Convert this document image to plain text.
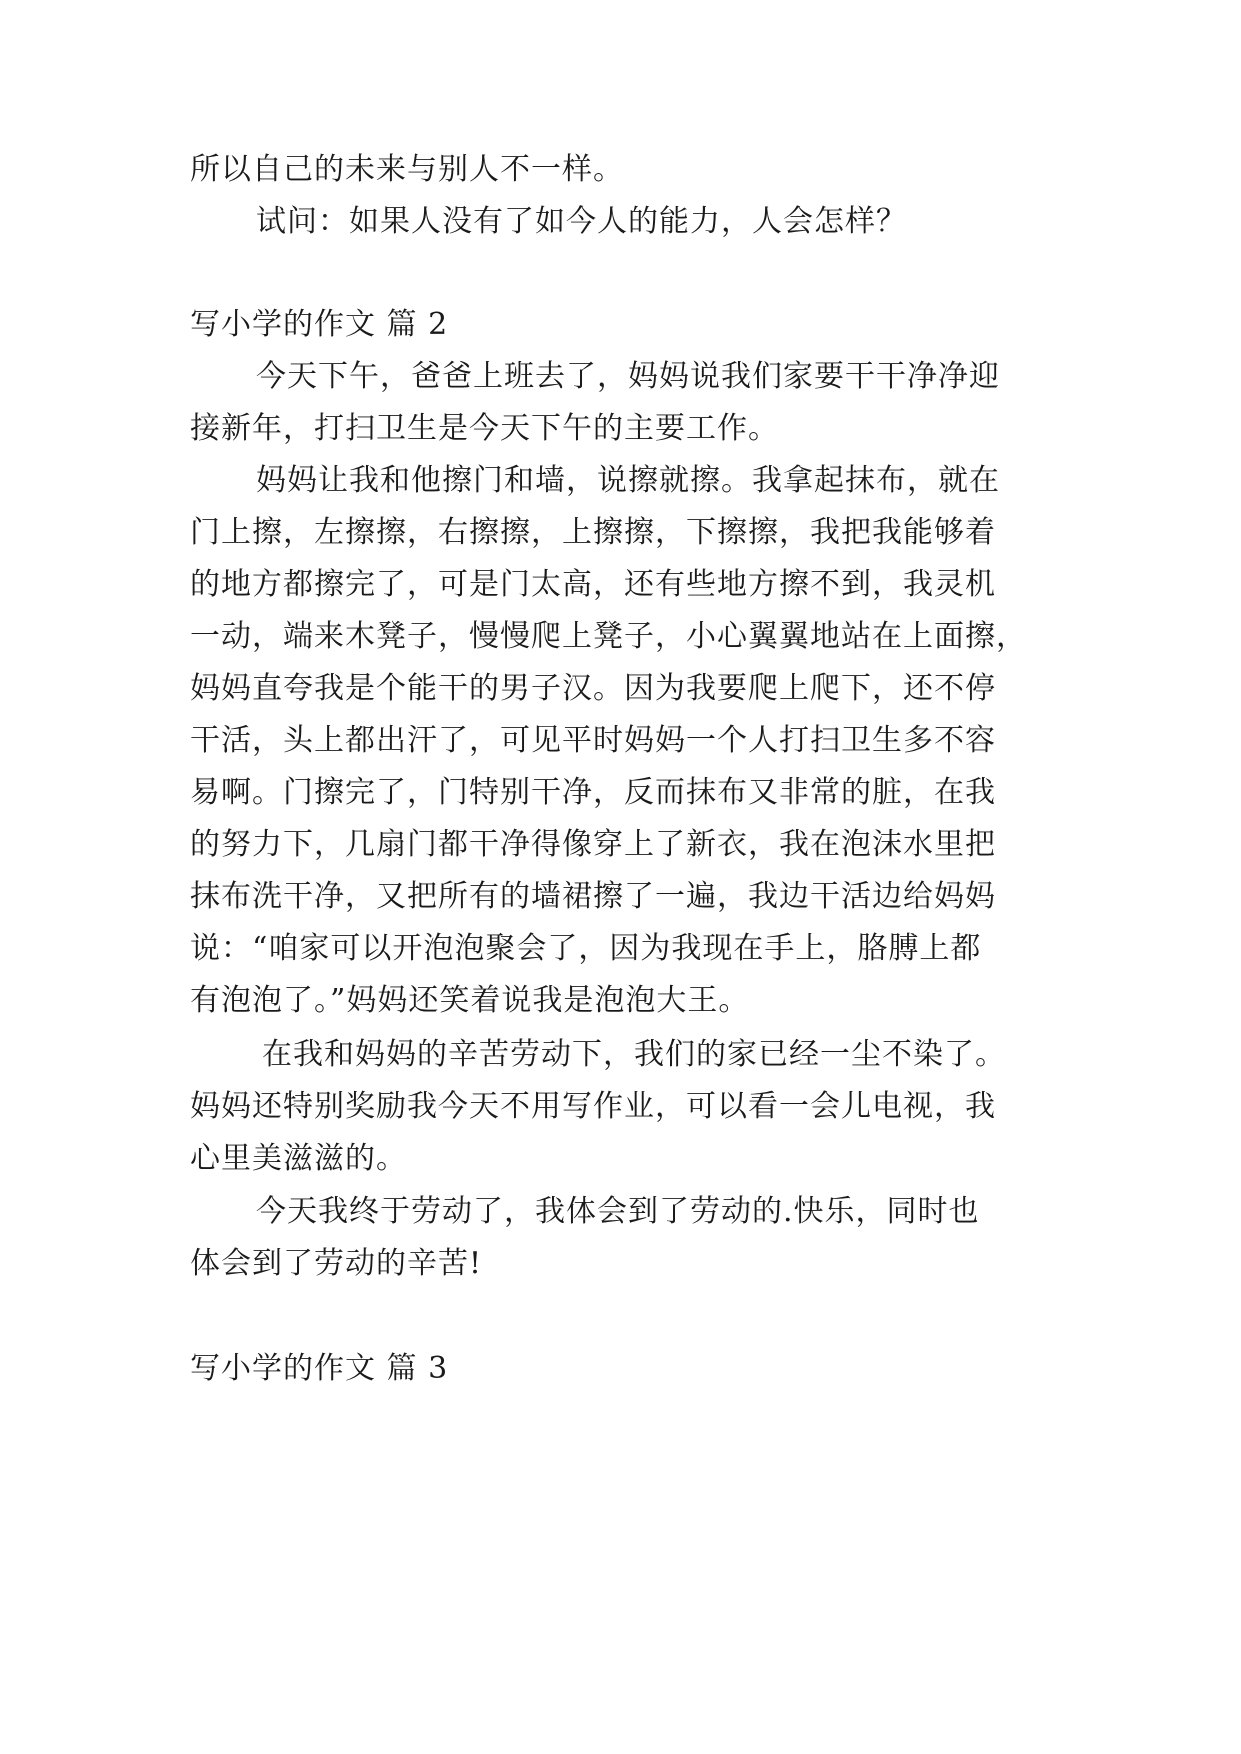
所以自己的未来与别人不一样。
试问：如果人没有了如今人的能力，人会怎样？
写小学的作文 篇 2
今天下午，爸爸上班去了，妈妈说我们家要干干净净迎
接新年，打扫卫生是今天下午的主要工作。
妈妈让我和他擦门和墙，说擦就擦。我拿起抹布，就在
门上擦，左擦擦，右擦擦，上擦擦，下擦擦，我把我能够着
的地方都擦完了，可是门太高，还有些地方擦不到，我灵机
一动，端来木凳子，慢慢爬上凳子，小心翼翼地站在上面擦，
妈妈直夸我是个能干的男子汉。因为我要爬上爬下，还不停
干活，头上都出汗了，可见平时妈妈一个人打扫卫生多不容
易啊。门擦完了，门特别干净，反而抹布又非常的脏，在我
的努力下，几扇门都干净得像穿上了新衣，我在泡沫水里把
抹布洗干净，又把所有的墙裙擦了一遍，我边干活边给妈妈
说：“咱家可以开泡泡聚会了，因为我现在手上，胳膊上都
有泡泡了。”妈妈还笑着说我是泡泡大王。
在我和妈妈的辛苦劳动下，我们的家已经一尘不染了。
妈妈还特别奖励我今天不用写作业，可以看一会儿电视，我
心里美滋滋的。
今天我终于劳动了，我体会到了劳动的.快乐，同时也
体会到了劳动的辛苦!
写小学的作文 篇 3
